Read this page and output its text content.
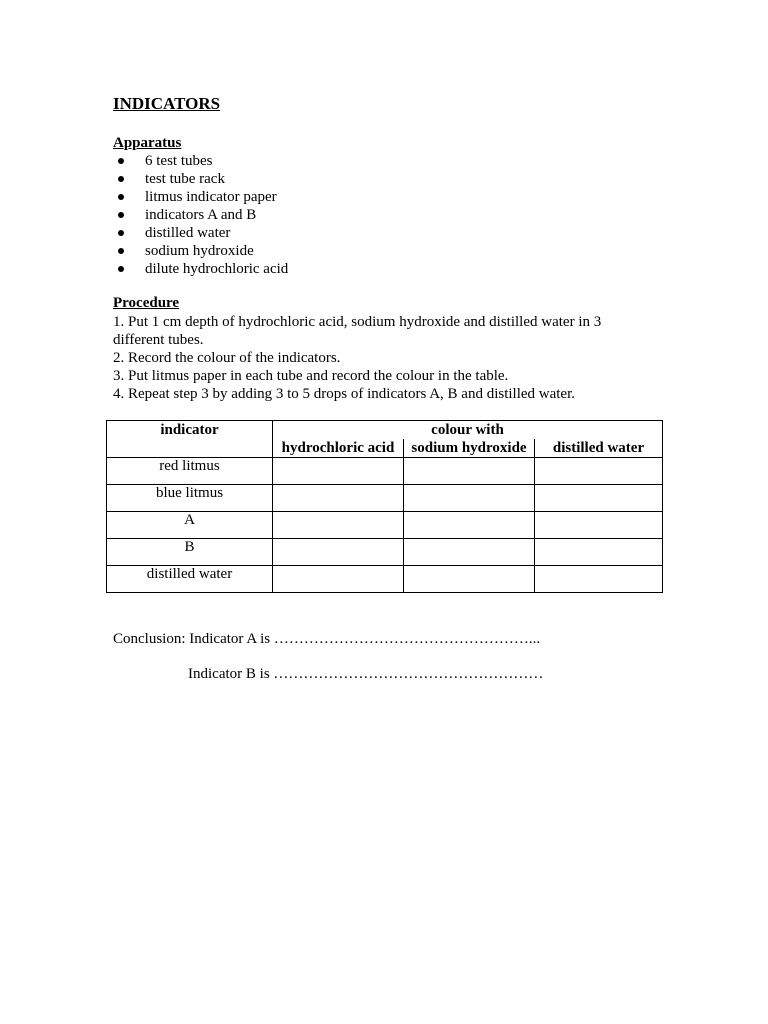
INDICATORS
Apparatus
6 test tubes
test tube rack
litmus indicator paper
indicators A and B
distilled water
sodium hydroxide
dilute hydrochloric acid
Procedure

1. Put 1 cm depth of hydrochloric acid, sodium hydroxide and distilled water in 3 different tubes.

2. Record the colour of the indicators.

3. Put litmus paper in each tube and record the colour in the table.

4. Repeat step 3 by adding 3 to 5 drops of indicators A, B and distilled water.

indicator	colour with		
	hydrochloric acid	sodium hydroxide	distilled water
red litmus			
blue litmus			
A			
B			
distilled water			

Conclusion: Indicator A is ……………………………………………...

Indicator B is ………………………………………………
